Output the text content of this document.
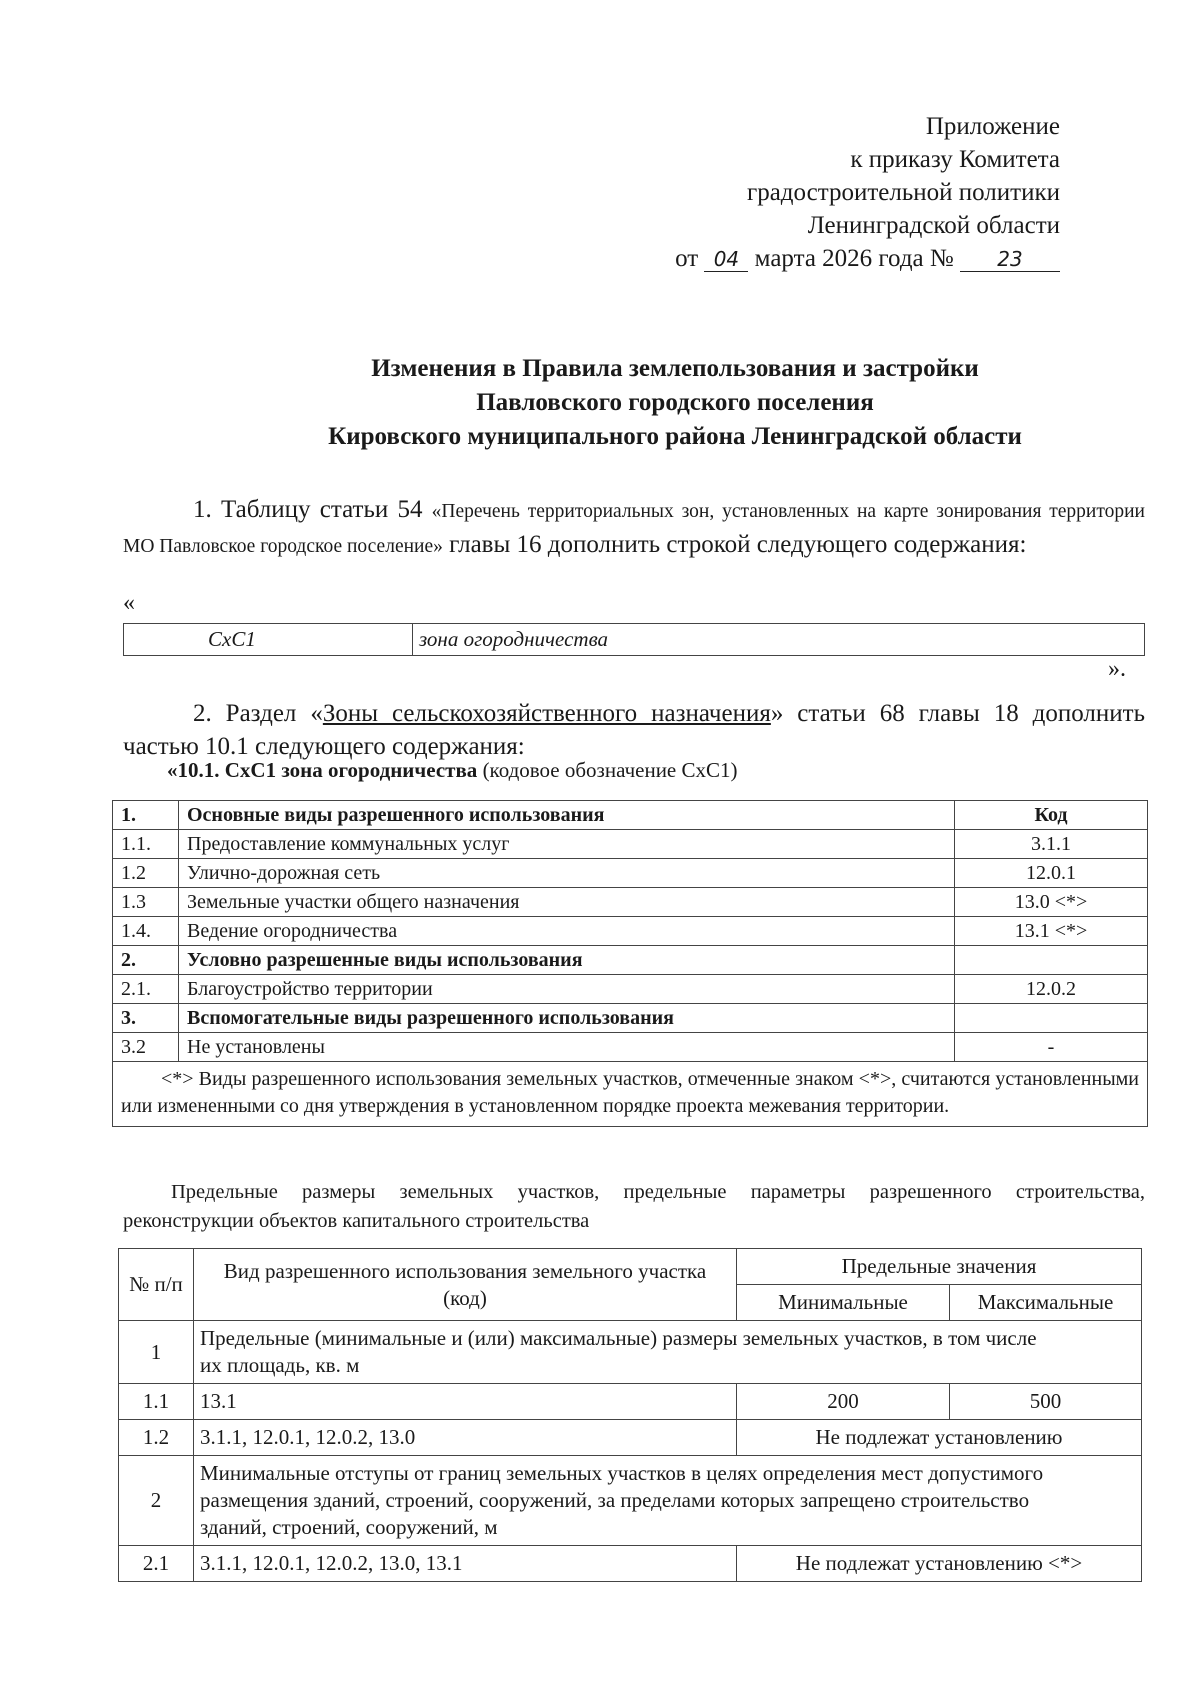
Приложение
к приказу Комитета
градостроительной политики
Ленинградской области
от 04 марта 2026 года № 23
Изменения в Правила землепользования и застройки
Павловского городского поселения
Кировского муниципального района Ленинградской области
1. Таблицу статьи 54 «Перечень территориальных зон, установленных на карте зонирования территории МО Павловское городское поселение» главы 16 дополнить строкой следующего содержания:
«
СхС1	зона огородничества
».
2. Раздел «Зоны сельскохозяйственного назначения» статьи 68 главы 18 дополнить частью 10.1 следующего содержания:
«10.1. СхС1 зона огородничества (кодовое обозначение СхС1)
1.	Основные виды разрешенного использования	Код
1.1.	Предоставление коммунальных услуг	3.1.1
1.2	Улично-дорожная сеть	12.0.1
1.3	Земельные участки общего назначения	13.0 <*>
1.4.	Ведение огородничества	13.1 <*>
2.	Условно разрешенные виды использования	
2.1.	Благоустройство территории	12.0.2
3.	Вспомогательные виды разрешенного использования	
3.2	Не установлены	-
<*> Виды разрешенного использования земельных участков, отмеченные знаком <*>, считаются установленными или измененными со дня утверждения в установленном порядке проекта межевания территории.		
Предельные размеры земельных участков, предельные параметры разрешенного строительства, реконструкции объектов капитального строительства
№ п/п	Вид разрешенного использования земельного участка (код)	Предельные значения	
		Минимальные	Максимальные
1	Предельные (минимальные и (или) максимальные) размеры земельных участков, в том числе их площадь, кв. м		
1.1	13.1	200	500
1.2	3.1.1, 12.0.1, 12.0.2, 13.0	Не подлежат установлению	
2	Минимальные отступы от границ земельных участков в целях определения мест допустимого размещения зданий, строений, сооружений, за пределами которых запрещено строительство зданий, строений, сооружений, м		
2.1	3.1.1, 12.0.1, 12.0.2, 13.0, 13.1	Не подлежат установлению <*>	
